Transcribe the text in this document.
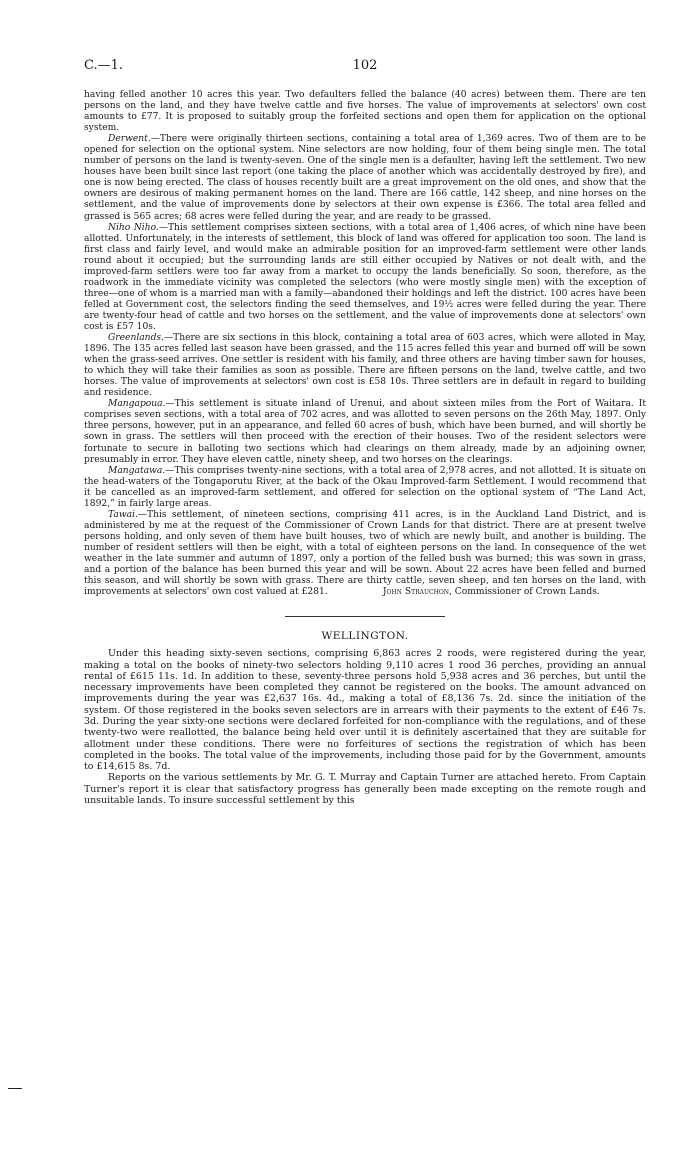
C.—1.	102

having felled another 10 acres this year. Two defaulters felled the balance (40 acres) between them. There are ten persons on the land, and they have twelve cattle and five horses. The value of improvements at selectors' own cost amounts to £77. It is proposed to suitably group the forfeited sections and open them for application on the optional system.

Derwent.—There were originally thirteen sections, containing a total area of 1,369 acres. Two of them are to be opened for selection on the optional system. Nine selectors are now holding, four of them being single men. The total number of persons on the land is twenty-seven. One of the single men is a defaulter, having left the settlement. Two new houses have been built since last report (one taking the place of another which was accidentally destroyed by fire), and one is now being erected. The class of houses recently built are a great improvement on the old ones, and show that the owners are desirous of making permanent homes on the land. There are 166 cattle, 142 sheep, and nine horses on the settlement, and the value of improvements done by selectors at their own expense is £366. The total area felled and grassed is 565 acres; 68 acres were felled during the year, and are ready to be grassed.

Niho Niho.—This settlement comprises sixteen sections, with a total area of 1,406 acres, of which nine have been allotted. Unfortunately, in the interests of settlement, this block of land was offered for application too soon. The land is first class and fairly level, and would make an admirable position for an improved-farm settlement were other lands round about it occupied; but the surrounding lands are still either occupied by Natives or not dealt with, and the improved-farm settlers were too far away from a market to occupy the lands beneficially. So soon, therefore, as the roadwork in the immediate vicinity was completed the selectors (who were mostly single men) with the exception of three—one of whom is a married man with a family—abandoned their holdings and left the district. 100 acres have been felled at Government cost, the selectors finding the seed themselves, and 19½ acres were felled during the year. There are twenty-four head of cattle and two horses on the settlement, and the value of improvements done at selectors' own cost is £57 10s.

Greenlands.—There are six sections in this block, containing a total area of 603 acres, which were alloted in May, 1896. The 135 acres felled last season have been grassed, and the 115 acres felled this year and burned off will be sown when the grass-seed arrives. One settler is resident with his family, and three others are having timber sawn for houses, to which they will take their families as soon as possible. There are fifteen persons on the land, twelve cattle, and two horses. The value of improvements at selectors' own cost is £58 10s. Three settlers are in default in regard to building and residence.

Mangapoua.—This settlement is situate inland of Urenui, and about sixteen miles from the Port of Waitara. It comprises seven sections, with a total area of 702 acres, and was allotted to seven persons on the 26th May, 1897. Only three persons, however, put in an appearance, and felled 60 acres of bush, which have been burned, and will shortly be sown in grass. The settlers will then proceed with the erection of their houses. Two of the resident selectors were fortunate to secure in balloting two sections which had clearings on them already, made by an adjoining owner, presumably in error. They have eleven cattle, ninety sheep, and two horses on the clearings.

Mangatawa.—This comprises twenty-nine sections, with a total area of 2,978 acres, and not allotted. It is situate on the head-waters of the Tongaporutu River, at the back of the Okau Improved-farm Settlement. I would recommend that it be cancelled as an improved-farm settlement, and offered for selection on the optional system of “The Land Act, 1892,” in fairly large areas.

Tawai.—This settlement, of nineteen sections, comprising 411 acres, is in the Auckland Land District, and is administered by me at the request of the Commissioner of Crown Lands for that district. There are at present twelve persons holding, and only seven of them have built houses, two of which are newly built, and another is building. The number of resident settlers will then be eight, with a total of eighteen persons on the land. In consequence of the wet weather in the late summer and autumn of 1897, only a portion of the felled bush was burned; this was sown in grass, and a portion of the balance has been burned this year and will be sown. About 22 acres have been felled and burned this season, and will shortly be sown with grass. There are thirty cattle, seven sheep, and ten horses on the land, with improvements at selectors' own cost valued at £281.	John Strauchon, Commissioner of Crown Lands.

WELLINGTON.

Under this heading sixty-seven sections, comprising 6,863 acres 2 roods, were registered during the year, making a total on the books of ninety-two selectors holding 9,110 acres 1 rood 36 perches, providing an annual rental of £615 11s. 1d. In addition to these, seventy-three persons hold 5,938 acres and 36 perches, but until the necessary improvements have been completed they cannot be registered on the books. The amount advanced on improvements during the year was £2,637 16s. 4d., making a total of £8,136 7s. 2d. since the initiation of the system. Of those registered in the books seven selectors are in arrears with their payments to the extent of £46 7s. 3d. During the year sixty-one sections were declared forfeited for non-compliance with the regulations, and of these twenty-two were reallotted, the balance being held over until it is definitely ascertained that they are suitable for allotment under these conditions. There were no forfeitures of sections the registration of which has been completed in the books. The total value of the improvements, including those paid for by the Government, amounts to £14,615 8s. 7d.

Reports on the various settlements by Mr. G. T. Murray and Captain Turner are attached hereto. From Captain Turner's report it is clear that satisfactory progress has generally been made excepting on the remote rough and unsuitable lands. To insure successful settlement by this
